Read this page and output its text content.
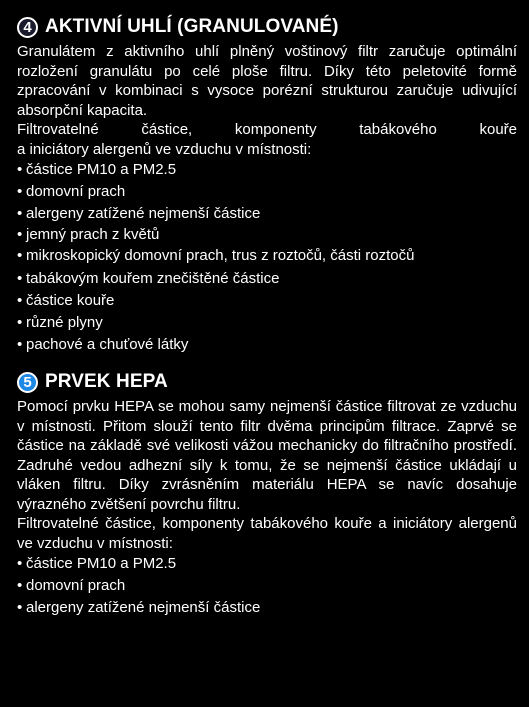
4 AKTIVNÍ UHLÍ (GRANULOVANÉ)

Granulátem z aktivního uhlí plněný voštinový filtr zaručuje optimální rozložení granulátu po celé ploše filtru. Díky této peletovité formě zpracování v kombinaci s vysoce porézní strukturou zaručuje udivující absorpční kapacita.

Filtrovatelné částice, komponenty tabákového kouře

a iniciátory alergenů ve vzduchu v místnosti:

• částice PM10 a PM2.5
• domovní prach
• alergeny zatížené nejmenší částice
• jemný prach z květů
• mikroskopický domovní prach, trus z roztočů, části roztočů
• tabákovým kouřem znečištěné částice
• částice kouře
• různé plyny
• pachové a chuťové látky
5 PRVEK HEPA

Pomocí prvku HEPA se mohou samy nejmenší částice filtrovat ze vzduchu v místnosti. Přitom slouží tento filtr dvěma principům filtrace. Zaprvé se částice na základě své velikosti vážou mechanicky do filtračního prostředí. Zadruhé vedou adhezní síly k tomu, že se nejmenší částice ukládají u vláken filtru. Díky zvrásněním materiálu HEPA se navíc dosahuje výrazného zvětšení povrchu filtru.

Filtrovatelné částice, komponenty tabákového kouře a iniciátory alergenů ve vzduchu v místnosti:

• částice PM10 a PM2.5
• domovní prach
• alergeny zatížené nejmenší částice
